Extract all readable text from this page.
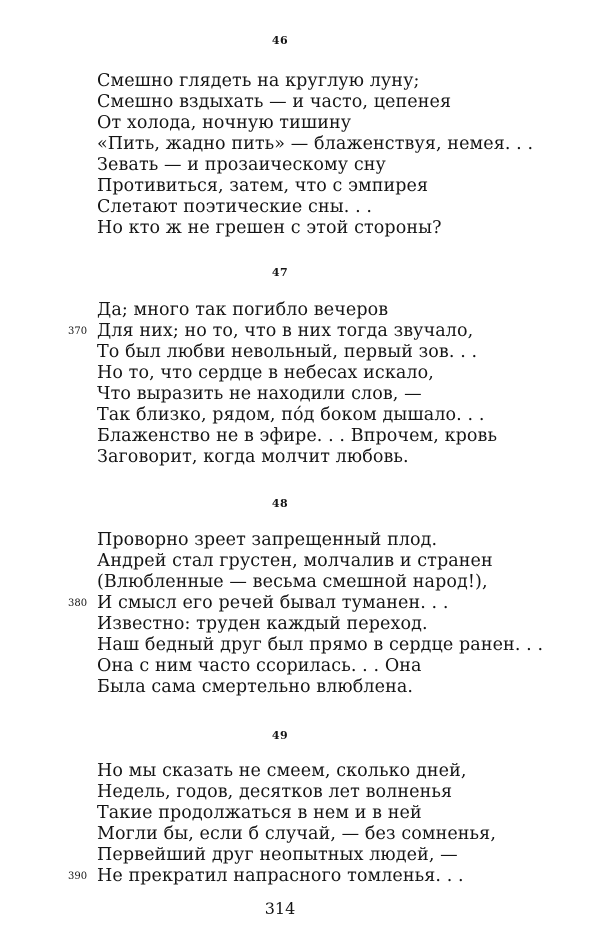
46
Смешно глядеть на круглую луну;
Смешно вздыхать — и часто, цепенея
От холода, ночную тишину
«Пить, жадно пить» — блаженствуя, немея. . .
Зевать — и прозаическому сну
Противиться, затем, что с эмпирея
Слетают поэтические сны. . .
Но кто ж не грешен с этой стороны?
47
Да; много так погибло вечеров
370 Для них; но то, что в них тогда звучало,
То был любви невольный, первый зов. . .
Но то, что сердце в небесах искало,
Что выразить не находили слов, —
Так близко, рядом, по́д боком дышало. . .
Блаженство не в эфире. . . Впрочем, кровь
Заговорит, когда молчит любовь.
48
Проворно зреет запрещенный плод.
Андрей стал грустен, молчалив и странен
(Влюбленные — весьма смешной народ!),
380 И смысл его речей бывал туманен. . .
Известно: труден каждый переход.
Наш бедный друг был прямо в сердце ранен. . .
Она с ним часто ссорилась. . . Она
Была сама смертельно влюблена.
49
Но мы сказать не смеем, сколько дней,
Недель, годов, десятков лет волненья
Такие продолжаться в нем и в ней
Могли бы, если б случай, — без сомненья,
Первейший друг неопытных людей, —
390 Не прекратил напрасного томленья. . .
314
